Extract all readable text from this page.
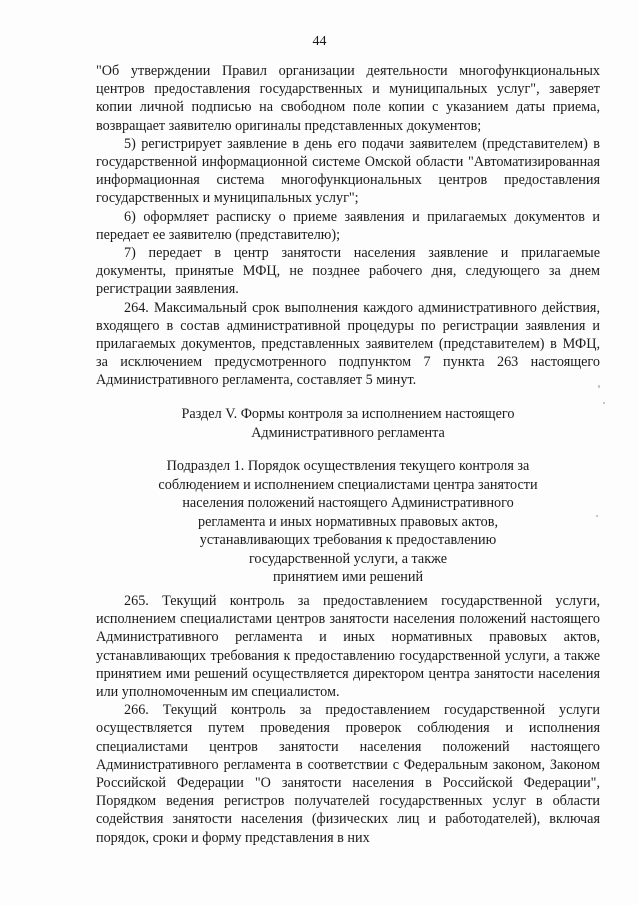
44

"Об утверждении Правил организации деятельности многофункциональных центров предоставления государственных и муниципальных услуг", заверяет копии личной подписью на свободном поле копии с указанием даты приема, возвращает заявителю оригиналы представленных документов;

5) регистрирует заявление в день его подачи заявителем (представителем) в государственной информационной системе Омской области "Автоматизированная информационная система многофункциональных центров предоставления государственных и муниципальных услуг";

6) оформляет расписку о приеме заявления и прилагаемых документов и передает ее заявителю (представителю);

7) передает в центр занятости населения заявление и прилагаемые документы, принятые МФЦ, не позднее рабочего дня, следующего за днем регистрации заявления.

264. Максимальный срок выполнения каждого административного действия, входящего в состав административной процедуры по регистрации заявления и прилагаемых документов, представленных заявителем (представителем) в МФЦ, за исключением предусмотренного подпунктом 7 пункта 263 настоящего Административного регламента, составляет 5 минут.

Раздел V. Формы контроля за исполнением настоящего

Административного регламента

Подраздел 1. Порядок осуществления текущего контроля за

соблюдением и исполнением специалистами центра занятости

населения положений настоящего Административного

регламента и иных нормативных правовых актов,

устанавливающих требования к предоставлению

государственной услуги, а также

принятием ими решений

265. Текущий контроль за предоставлением государственной услуги, исполнением специалистами центров занятости населения положений настоящего Административного регламента и иных нормативных правовых актов, устанавливающих требования к предоставлению государственной услуги, а также принятием ими решений осуществляется директором центра занятости населения или уполномоченным им специалистом.

266. Текущий контроль за предоставлением государственной услуги осуществляется путем проведения проверок соблюдения и исполнения специалистами центров занятости населения положений настоящего Административного регламента в соответствии с Федеральным законом, Законом Российской Федерации "О занятости населения в Российской Федерации", Порядком ведения регистров получателей государственных услуг в области содействия занятости населения (физических лиц и работодателей), включая порядок, сроки и форму представления в них
